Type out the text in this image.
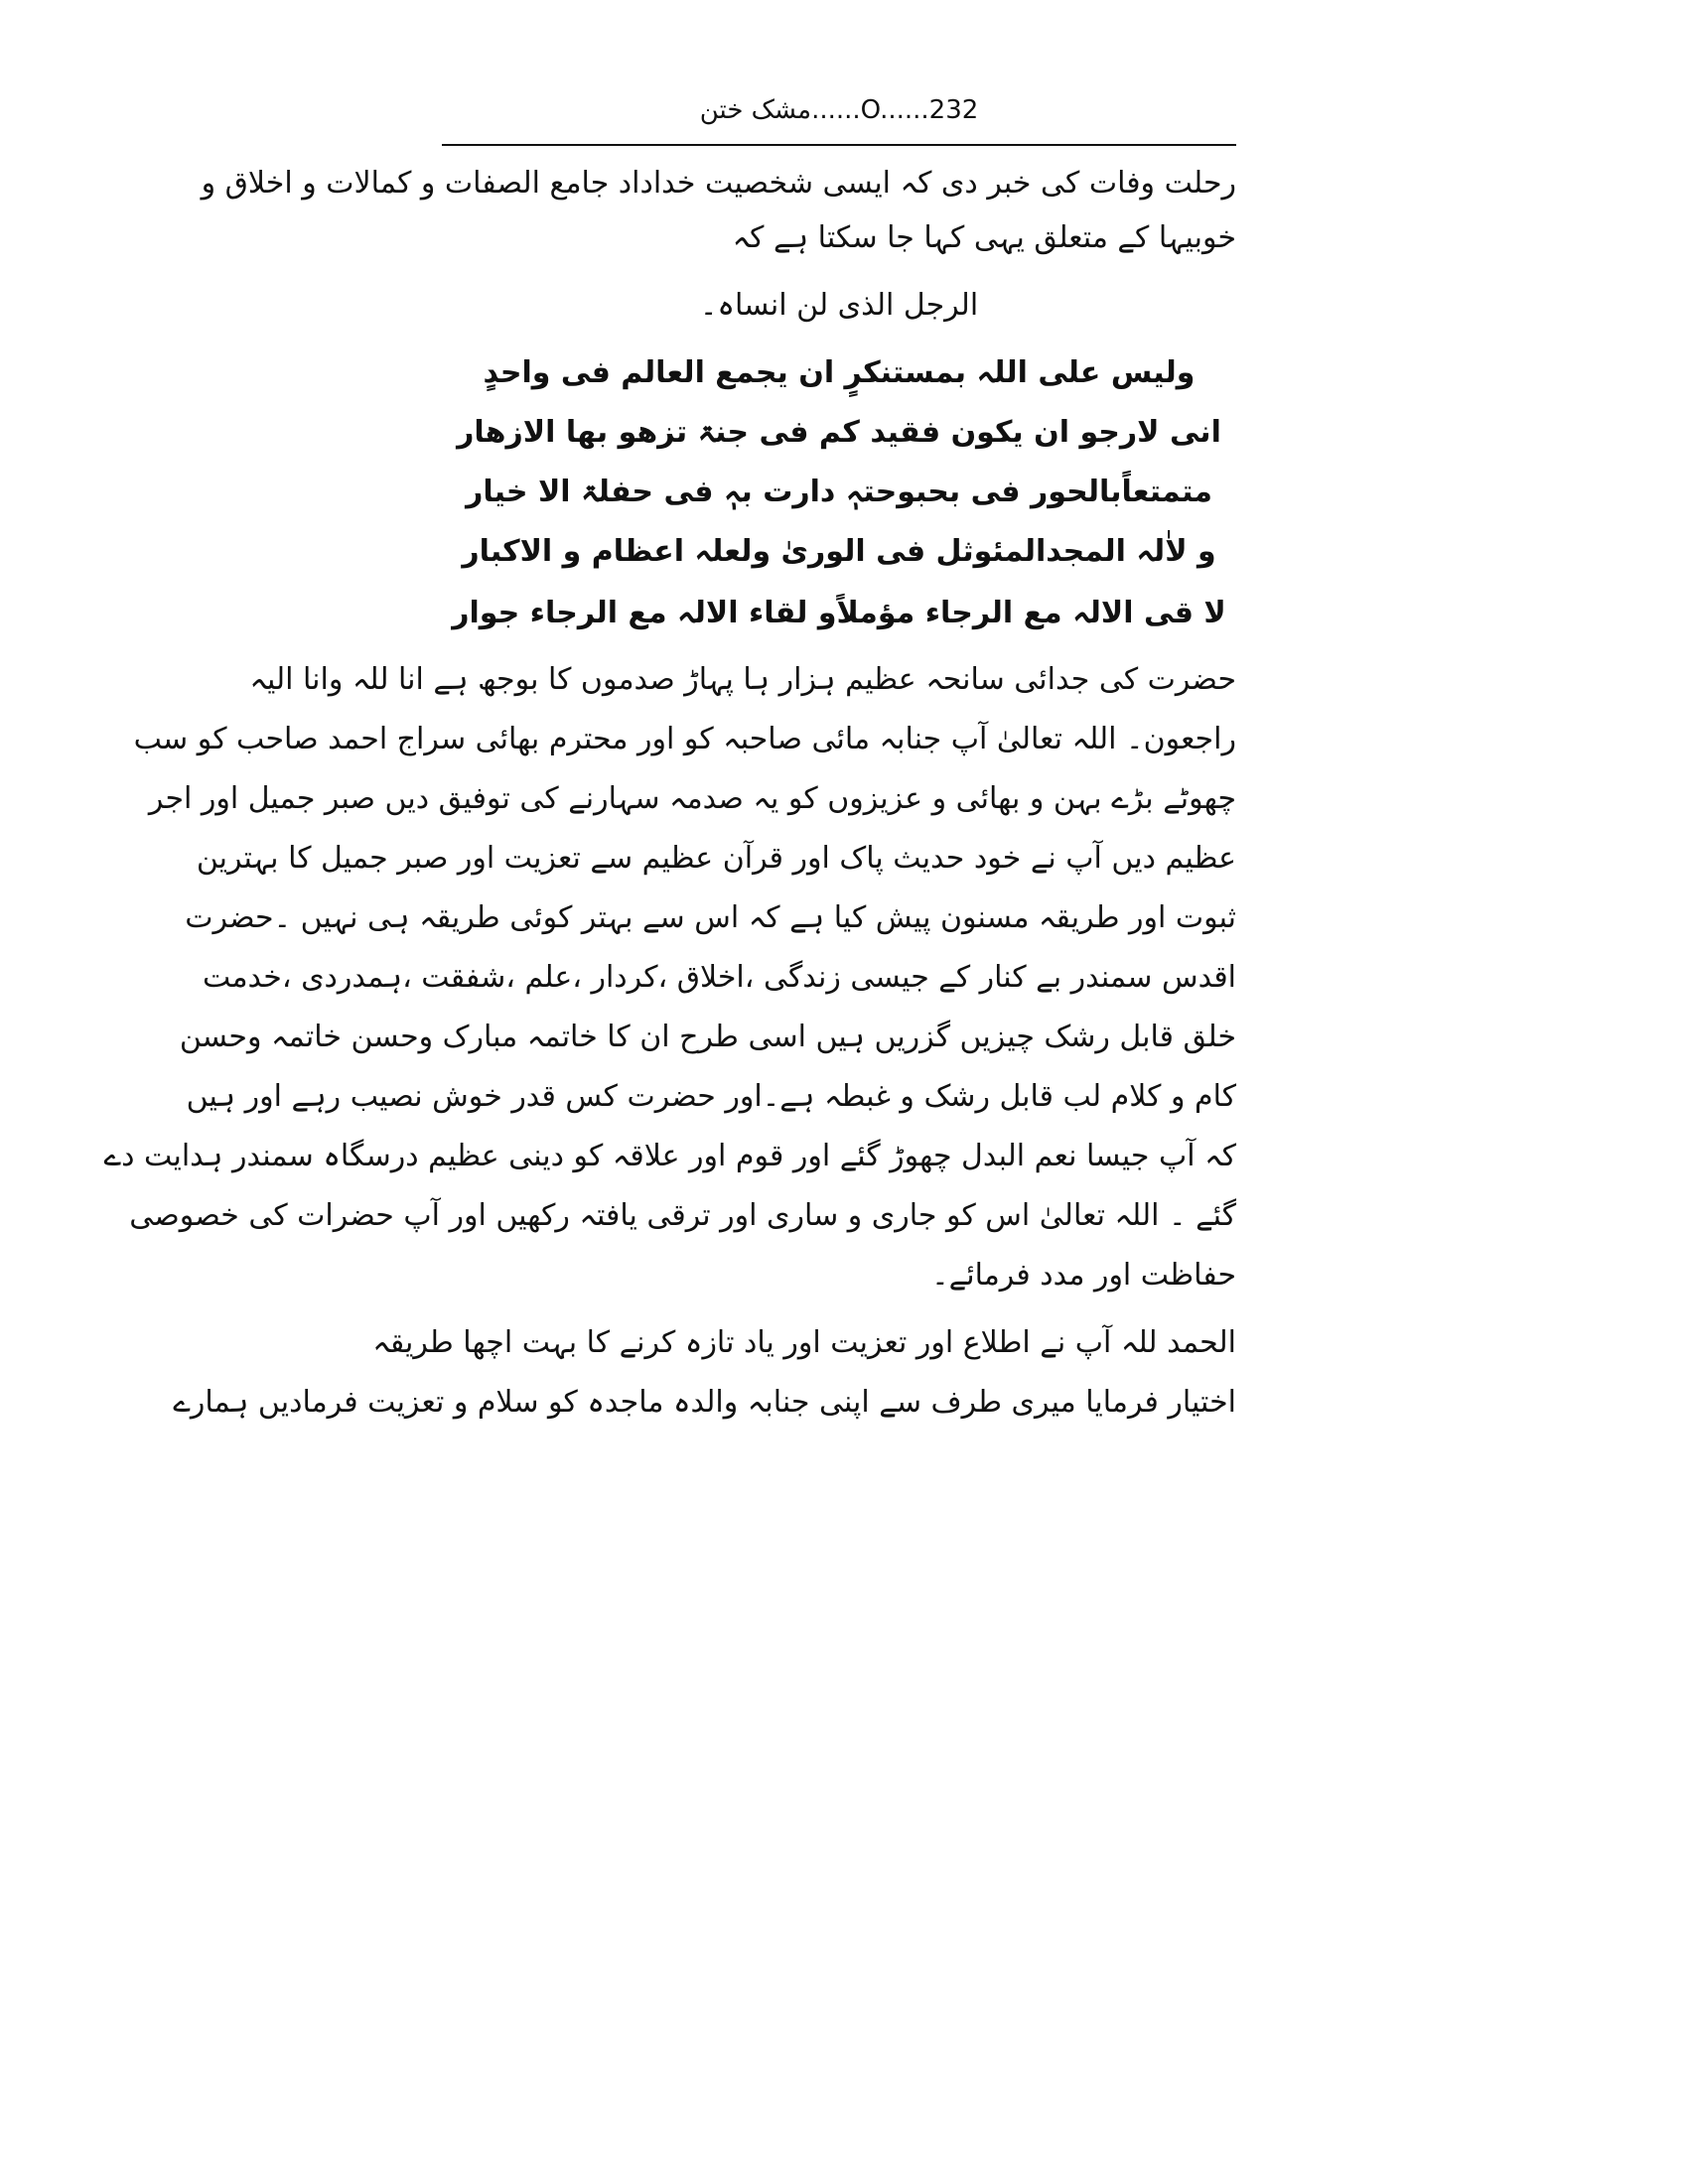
مشک ختن......O......232
رحلت وفات کی خبر دی کہ ایسی شخصیت خداداد جامع الصفات و کمالات و اخلاق و
خوبیہا کے متعلق یہی کہا جا سکتا ہے کہ
الرجل الذی لن انساہ۔
ولیس علی اللہ بمستنکرٍ ان یجمع العالم فی واحدٍ
انی لارجو ان یکون فقید کم فی جنۃ تزھو بھا الازھار
متمتعاًبالحور فی بحبوحتہٖ دارت بہٖ فی حفلۃ الا خیار
و لاٰلہ المجدالمئوثل فی الوریٰ ولعلہ اعظام و الاکبار
لا قی الالہ مع الرجاء مؤملاًو لقاء الالہ مع الرجاء جوار
حضرت کی جدائی سانحہ عظیم ہزار ہا پہاڑ صدموں کا بوجھ ہے انا للہ وانا الیہ
راجعون۔ اللہ تعالیٰ آپ جنابہ مائی صاحبہ کو اور محترم بھائی سراج احمد صاحب کو سب
چھوٹے بڑے بہن و بھائی و عزیزوں کو یہ صدمہ سہارنے کی توفیق دیں صبر جمیل اور اجر
عظیم دیں آپ نے خود حدیث پاک اور قرآن عظیم سے تعزیت اور صبر جمیل کا بہترین
ثبوت اور طریقہ مسنون پیش کیا ہے کہ اس سے بہتر کوئی طریقہ ہی نہیں ۔حضرت
اقدس سمندر بے کنار کے جیسی زندگی ،اخلاق ،کردار ،علم ،شفقت ،ہمدردی ،خدمت
خلق قابل رشک چیزیں گزریں ہیں اسی طرح ان کا خاتمہ مبارک وحسن خاتمہ وحسن
کام و کلام لب قابل رشک و غبطہ ہے۔اور حضرت کس قدر خوش نصیب رہے اور ہیں
کہ آپ جیسا نعم البدل چھوڑ گئے اور قوم اور علاقہ کو دینی عظیم درسگاہ سمندر ہدایت دے
گئے ۔ اللہ تعالیٰ اس کو جاری و ساری اور ترقی یافتہ رکھیں اور آپ حضرات کی خصوصی
حفاظت اور مدد فرمائے۔
الحمد للہ آپ نے اطلاع اور تعزیت اور یاد تازہ کرنے کا بہت اچھا طریقہ
اختیار فرمایا میری طرف سے اپنی جنابہ والدہ ماجدہ کو سلام و تعزیت فرمادیں ہمارے
